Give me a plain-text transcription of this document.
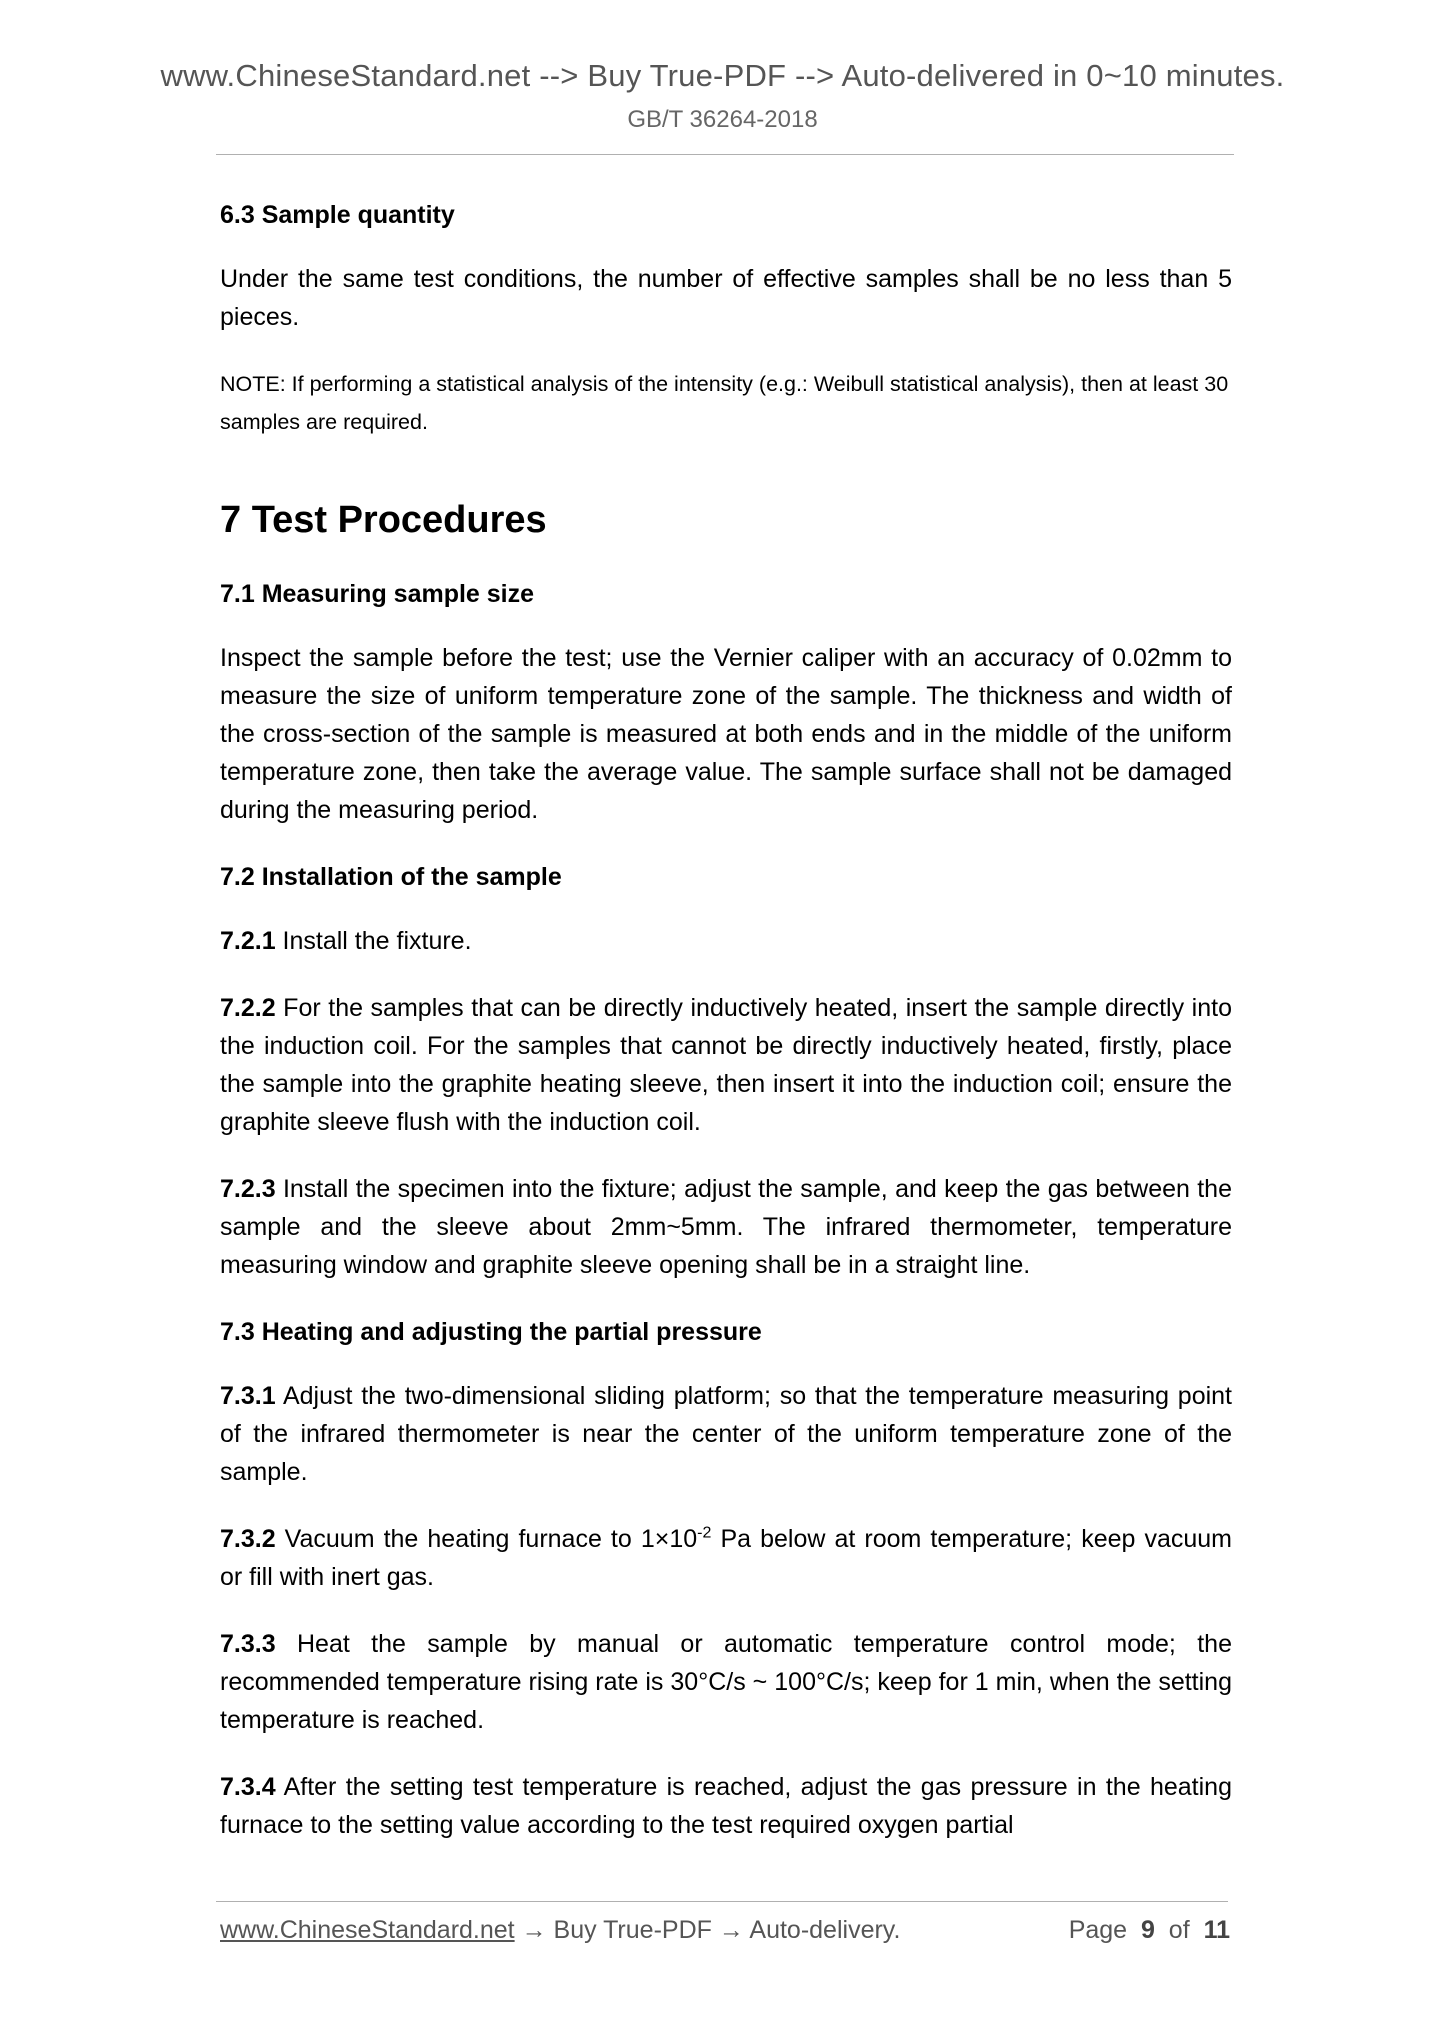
www.ChineseStandard.net --> Buy True-PDF --> Auto-delivered in 0~10 minutes.
GB/T 36264-2018
6.3 Sample quantity
Under the same test conditions, the number of effective samples shall be no less than 5 pieces.
NOTE: If performing a statistical analysis of the intensity (e.g.: Weibull statistical analysis), then at least 30 samples are required.
7 Test Procedures
7.1 Measuring sample size
Inspect the sample before the test; use the Vernier caliper with an accuracy of 0.02mm to measure the size of uniform temperature zone of the sample. The thickness and width of the cross-section of the sample is measured at both ends and in the middle of the uniform temperature zone, then take the average value. The sample surface shall not be damaged during the measuring period.
7.2 Installation of the sample
7.2.1 Install the fixture.
7.2.2 For the samples that can be directly inductively heated, insert the sample directly into the induction coil. For the samples that cannot be directly inductively heated, firstly, place the sample into the graphite heating sleeve, then insert it into the induction coil; ensure the graphite sleeve flush with the induction coil.
7.2.3 Install the specimen into the fixture; adjust the sample, and keep the gas between the sample and the sleeve about 2mm~5mm. The infrared thermometer, temperature measuring window and graphite sleeve opening shall be in a straight line.
7.3 Heating and adjusting the partial pressure
7.3.1 Adjust the two-dimensional sliding platform; so that the temperature measuring point of the infrared thermometer is near the center of the uniform temperature zone of the sample.
7.3.2 Vacuum the heating furnace to $1\times 10^{-2}$ Pa below at room temperature; keep vacuum or fill with inert gas.
7.3.3 Heat the sample by manual or automatic temperature control mode; the recommended temperature rising rate is 30°C/s ~ 100°C/s; keep for 1 min, when the setting temperature is reached.
7.3.4 After the setting test temperature is reached, adjust the gas pressure in the heating furnace to the setting value according to the test required oxygen partial
www.ChineseStandard.net → Buy True-PDF → Auto-delivery.	Page 9 of 11
